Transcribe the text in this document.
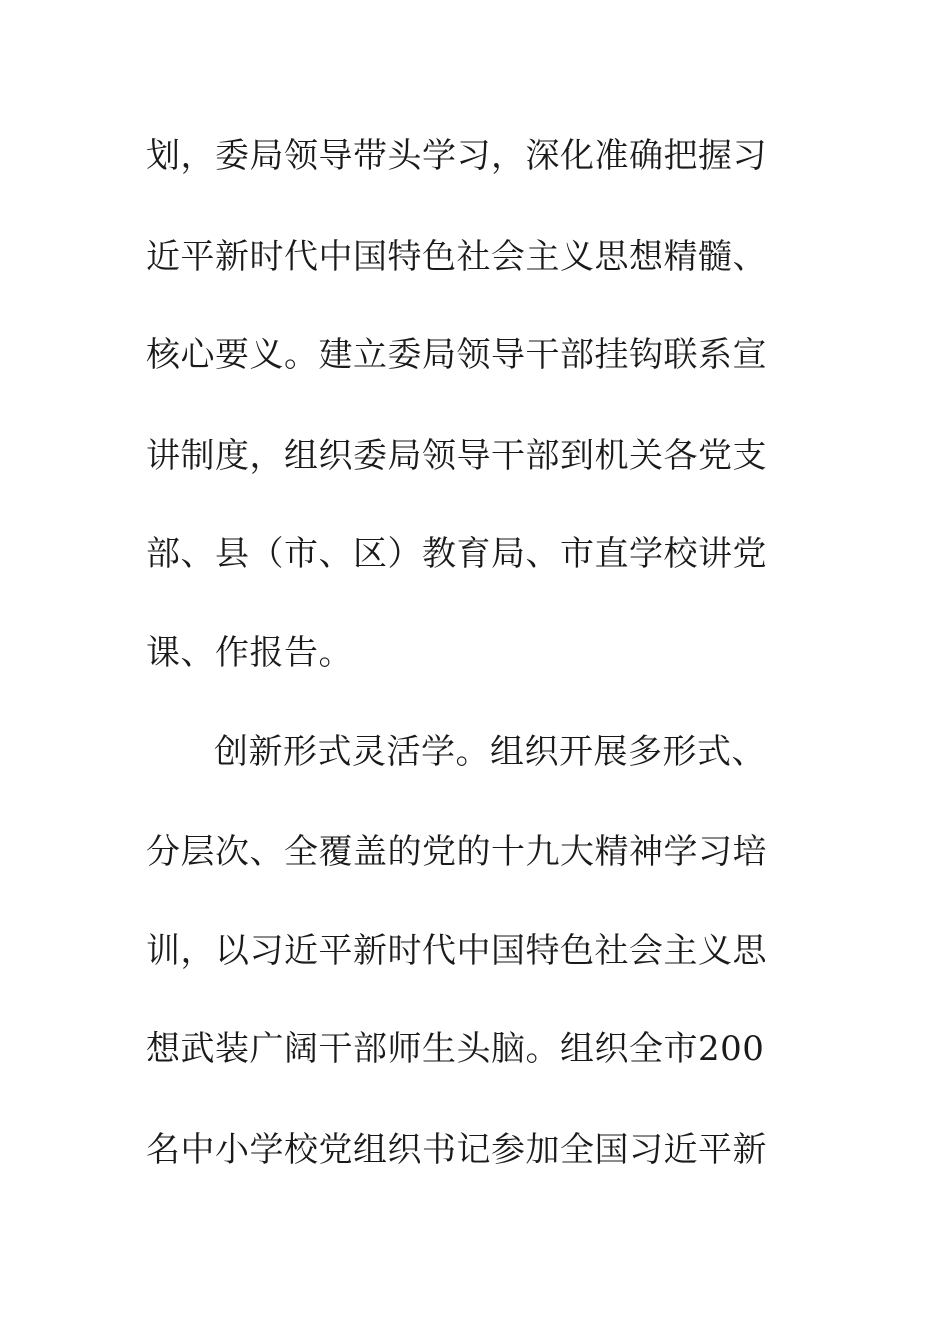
划，委局领导带头学习，深化准确把握习
近平新时代中国特色社会主义思想精髓、
核心要义。建立委局领导干部挂钩联系宣
讲制度，组织委局领导干部到机关各党支
部、县（市、区）教育局、市直学校讲党
课、作报告。
创新形式灵活学。组织开展多形式、
分层次、全覆盖的党的十九大精神学习培
训，以习近平新时代中国特色社会主义思
想武装广阔干部师生头脑。组织全市200
名中小学校党组织书记参加全国习近平新
